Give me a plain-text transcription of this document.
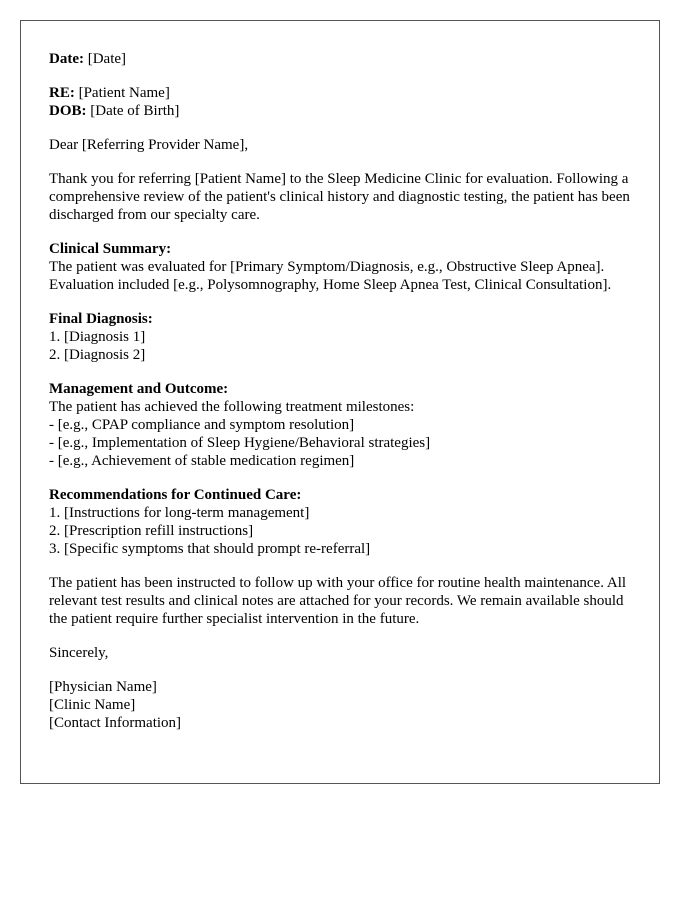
Date: [Date]
RE: [Patient Name]
DOB: [Date of Birth]
Dear [Referring Provider Name],
Thank you for referring [Patient Name] to the Sleep Medicine Clinic for evaluation. Following a comprehensive review of the patient's clinical history and diagnostic testing, the patient has been discharged from our specialty care.
Clinical Summary:
The patient was evaluated for [Primary Symptom/Diagnosis, e.g., Obstructive Sleep Apnea]. Evaluation included [e.g., Polysomnography, Home Sleep Apnea Test, Clinical Consultation].
Final Diagnosis:
1. [Diagnosis 1]
2. [Diagnosis 2]
Management and Outcome:
The patient has achieved the following treatment milestones:
- [e.g., CPAP compliance and symptom resolution]
- [e.g., Implementation of Sleep Hygiene/Behavioral strategies]
- [e.g., Achievement of stable medication regimen]
Recommendations for Continued Care:
1. [Instructions for long-term management]
2. [Prescription refill instructions]
3. [Specific symptoms that should prompt re-referral]
The patient has been instructed to follow up with your office for routine health maintenance. All relevant test results and clinical notes are attached for your records. We remain available should the patient require further specialist intervention in the future.
Sincerely,
[Physician Name]
[Clinic Name]
[Contact Information]
